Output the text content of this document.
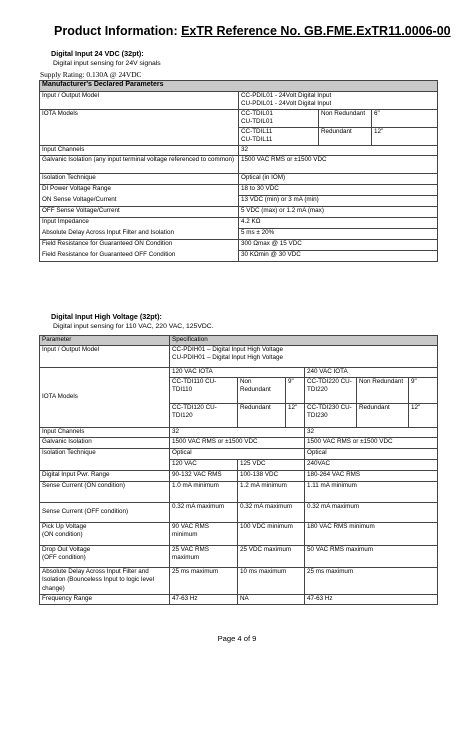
Product Information: ExTR Reference No. GB.FME.ExTR11.0006-00
Digital Input 24 VDC (32pt):
Digital input sensing for 24V signals
Supply Rating: 0.130A @ 24VDC
Manufacturer's Declared Parameters			
Input / Output Model	CC-PDIL01 - 24Volt Digital Input
CU-PDIL01 - 24Volt Digital Input		

IOTA Models	CC-TDIL01
CU-TDIL01	Non Redundant	6"

	CC-TDIL11
CU-TDIL11	Redundant	12"
Input Channels	32		
Galvanic Isolation (any input terminal voltage referenced to common)	1500 VAC RMS or ±1500 VDC		
Isolation Technique	Optical (in IOM)		
DI Power Voltage Range	18 to 30 VDC		
ON Sense Voltage/Current	13 VDC (min) or 3 mA (min)		
OFF Sense Voltage/Current	5 VDC (max) or 1.2 mA (max)		
Input Impedance	4.2 KΩ		
Absolute Delay Across Input Filter and Isolation	5 ms ± 20%		
Field Resistance for Guaranteed ON Condition	300 Ωmax @ 15 VDC		
Field Resistance for Guaranteed OFF Condition	30 KΩmin @ 30 VDC		
Digital Input High Voltage (32pt):
Digital input sensing for 110 VAC, 220 VAC, 125VDC.
Parameter	Specification					
Input / Output Model	CC-PDIH01 – Digital Input High Voltage
CU-PDIH01 – Digital Input High Voltage					

IOTA Models	120 VAC IOTA			240 VAC IOTA		
	CC-TDI110 CU-TDI110	Non Redundant	9"	CC-TDI220 CU-TDI220	Non Redundant	9"
	CC-TDI120 CU-TDI120	Redundant	12"	CC-TDI230 CU-TDI230	Redundant	12"
Input Channels	32			32		
Galvanic Isolation	1500 VAC RMS or ±1500 VDC			1500 VAC RMS or ±1500 VDC		
Isolation Technique	Optical			Optical		
	120 VAC	125 VDC		240VAC		
Digital Input Pwr. Range	90-132 VAC RMS	100-138 VDC		180-264 VAC RMS		
Sense Current (ON condition)	1.0 mA minimum	1.2 mA minimum		1.11 mA minimum		
Sense Current (OFF condition)	0.32 mA maximum	0.32 mA maximum		0.32 mA maximum		

Pick Up Voltage
(ON condition)	90 VAC RMS minimum	100 VDC minimum		180 VAC RMS minimum		

Drop Out Voltage
(OFF condition)	25 VAC RMS maximum	25 VDC maximum		50 VAC RMS maximum		
Absolute Delay Across Input Filter and Isolation (Bounceless Input to logic level change)	25 ms maximum	10 ms maximum		25 ms maximum		
Frequency Range	47-63 Hz	NA		47-63 Hz		
Page 4 of 9
